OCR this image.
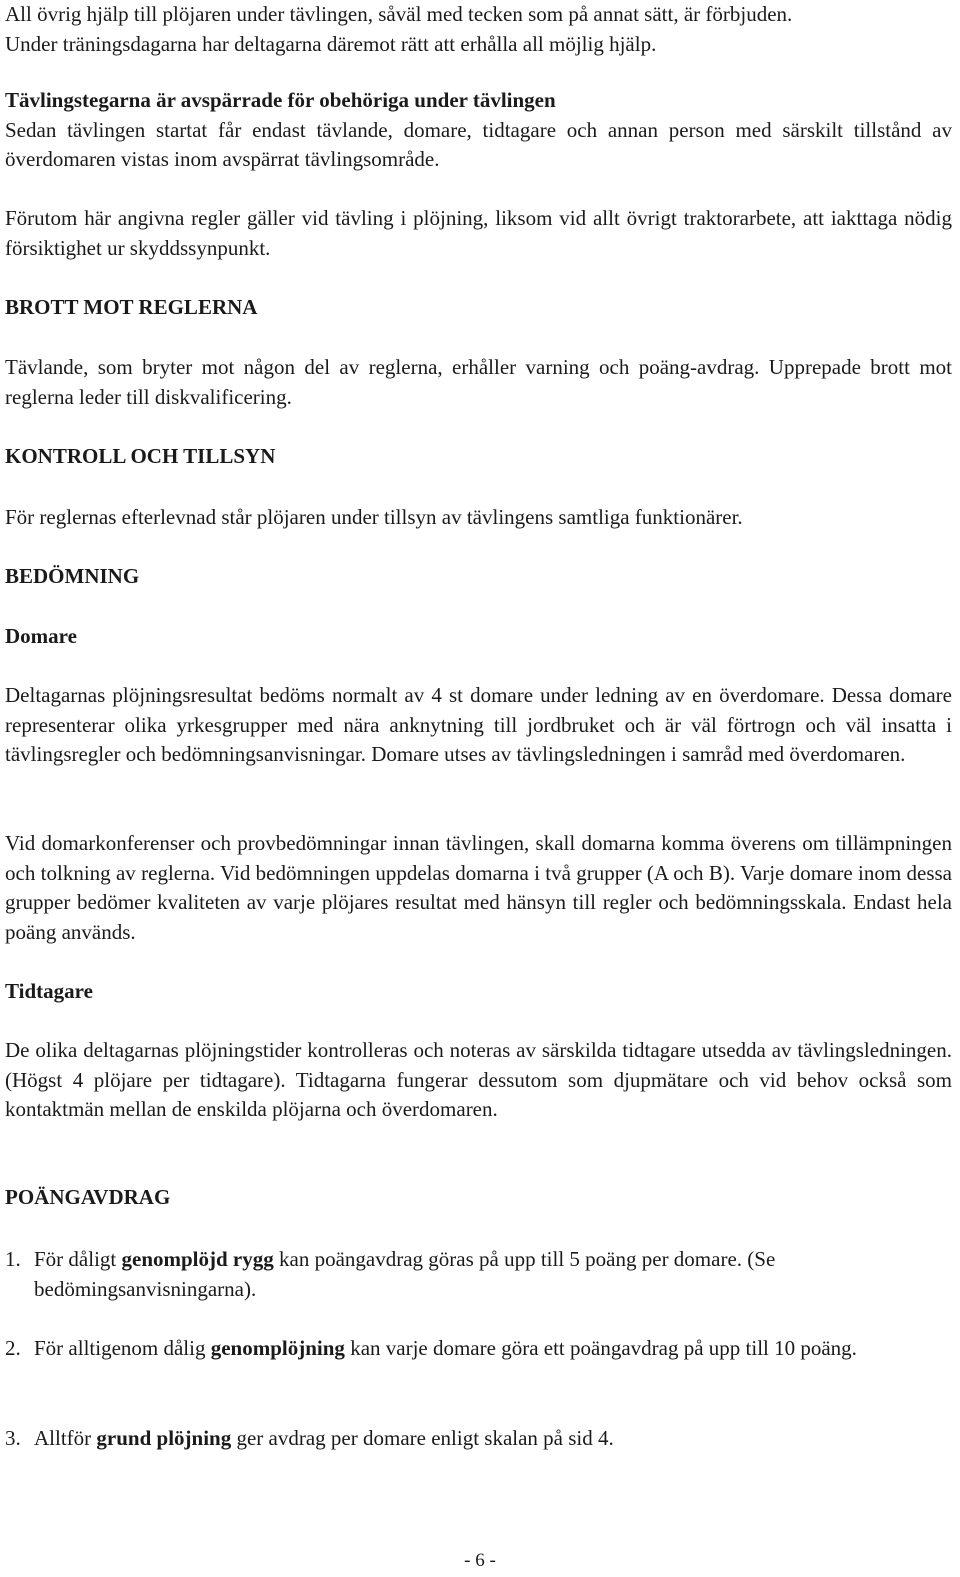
All övrig hjälp till plöjaren under tävlingen, såväl med tecken som på annat sätt, är förbjuden.
Under träningsdagarna har deltagarna däremot rätt att erhålla all möjlig hjälp.
Tävlingstegarna är avspärrade för obehöriga under tävlingen
Sedan tävlingen startat får endast tävlande, domare, tidtagare och annan person med särskilt tillstånd av överdomaren vistas inom avspärrat tävlingsområde.
Förutom här angivna regler gäller vid tävling i plöjning, liksom vid allt övrigt traktorarbete, att iakttaga nödig försiktighet ur skyddssynpunkt.
BROTT MOT REGLERNA
Tävlande, som bryter mot någon del av reglerna, erhåller varning och poäng-avdrag. Upprepade brott mot reglerna leder till diskvalificering.
KONTROLL OCH TILLSYN
För reglernas efterlevnad står plöjaren under tillsyn av tävlingens samtliga funktionärer.
BEDÖMNING
Domare
Deltagarnas plöjningsresultat bedöms normalt av 4 st domare under ledning av en överdomare. Dessa domare representerar olika yrkesgrupper med nära anknytning till jordbruket och är väl förtrogn och väl insatta i tävlingsregler och bedömningsanvisningar. Domare utses av tävlingsledningen i samråd med överdomaren.
Vid domarkonferenser och provbedömningar innan tävlingen, skall domarna komma överens om tillämpningen och tolkning av reglerna. Vid bedömningen uppdelas domarna i två grupper (A och B). Varje domare inom dessa grupper bedömer kvaliteten av varje plöjares resultat med hänsyn till regler och bedömningsskala. Endast hela poäng används.
Tidtagare
De olika deltagarnas plöjningstider kontrolleras och noteras av särskilda tidtagare utsedda av tävlingsledningen. (Högst 4 plöjare per tidtagare). Tidtagarna fungerar dessutom som djupmätare och vid behov också som kontaktmän mellan de enskilda plöjarna och överdomaren.
POÄNGAVDRAG
1. För dåligt genomplöjd rygg kan poängavdrag göras på upp till 5 poäng per domare. (Se bedömingsanvisningarna).
2. För alltigenom dålig genomplöjning kan varje domare göra ett poängavdrag på upp till 10 poäng.
3. Alltför grund plöjning ger avdrag per domare enligt skalan på sid 4.
- 6 -
